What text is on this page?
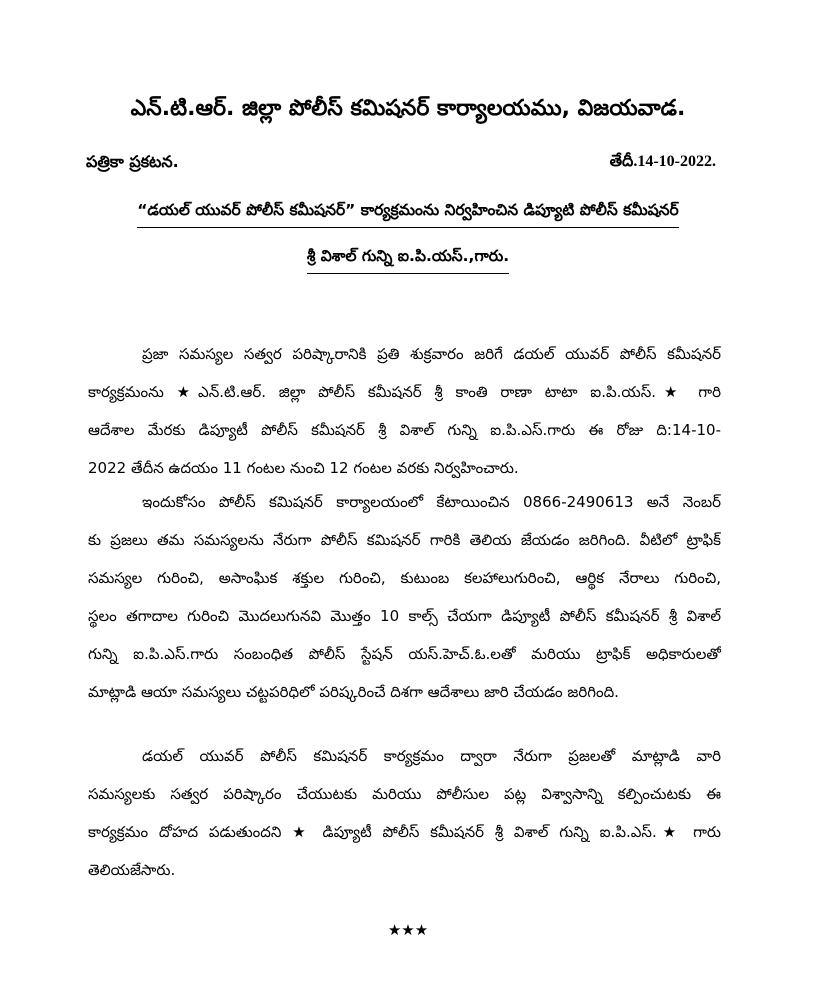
ఎన్.టి.ఆర్. జిల్లా పోలీస్ కమిషనర్ కార్యాలయము, విజయవాడ.
పత్రికా ప్రకటన.	తేదీ.14-10-2022.
“డయల్ యువర్ పోలీస్ కమీషనర్” కార్యక్రమంను నిర్వహించిన డిప్యూటి పోలీస్ కమీషనర్
శ్రీ విశాల్ గున్ని ఐ.పి.యస్.,గారు.
ప్రజా సమస్యల సత్వర పరిష్కారానికి ప్రతి శుక్రవారం జరిగే డయల్ యువర్ పోలీస్ కమీషనర్
కార్యక్రమంను ★ఎన్.టి.ఆర్. జిల్లా పోలీస్ కమీషనర్ శ్రీ కాంతి రాణా టాటా ఐ.పి.యస్.★ గారి
ఆదేశాల మేరకు డిప్యూటీ పోలీస్ కమీషనర్ శ్రీ విశాల్ గున్ని ఐ.పి.ఎస్.గారు ఈ రోజు ది:14-10-
2022 తేదీన ఉదయం 11 గంటల నుంచి 12 గంటల వరకు నిర్వహించారు.
ఇందుకోసం పోలీస్ కమిషనర్ కార్యాలయంలో కేటాయించిన 0866-2490613 అనే నెంబర్
కు ప్రజలు తమ సమస్యలను నేరుగా పోలీస్ కమిషనర్ గారికి తెలియ జేయడం జరిగింది. వీటిలో ట్రాఫిక్
సమస్యల గురించి, అసాంఘిక శక్తుల గురించి, కుటుంబ కలహాలుగురించి, ఆర్థిక నేరాలు గురించి,
స్థలం తగాదాల గురించి మొదలుగునవి మొత్తం 10 కాల్స్ చేయగా డిప్యూటీ పోలీస్ కమీషనర్ శ్రీ విశాల్
గున్ని ఐ.పి.ఎస్.గారు సంబంధిత పోలీస్ స్టేషన్ యస్.హెచ్.ఓ.లతో మరియు ట్రాఫిక్ అధికారులతో
మాట్లాడి ఆయా సమస్యలు చట్టపరిధిలో పరిష్కరించే దిశగా ఆదేశాలు జారి చేయడం జరిగింది.
డయల్ యువర్ పోలీస్ కమిషనర్ కార్యక్రమం ద్వారా నేరుగా ప్రజలతో మాట్లాడి వారి
సమస్యలకు సత్వర పరిష్కారం చేయుటకు మరియు పోలీసుల పట్ల విశ్వాసాన్ని కల్పించుటకు ఈ
కార్యక్రమం దోహద పడుతుందని ★ డిప్యూటీ పోలీస్ కమీషనర్ శ్రీ విశాల్ గున్ని ఐ.పి.ఎస్.★ గారు
తెలియజేసారు.
★★★
